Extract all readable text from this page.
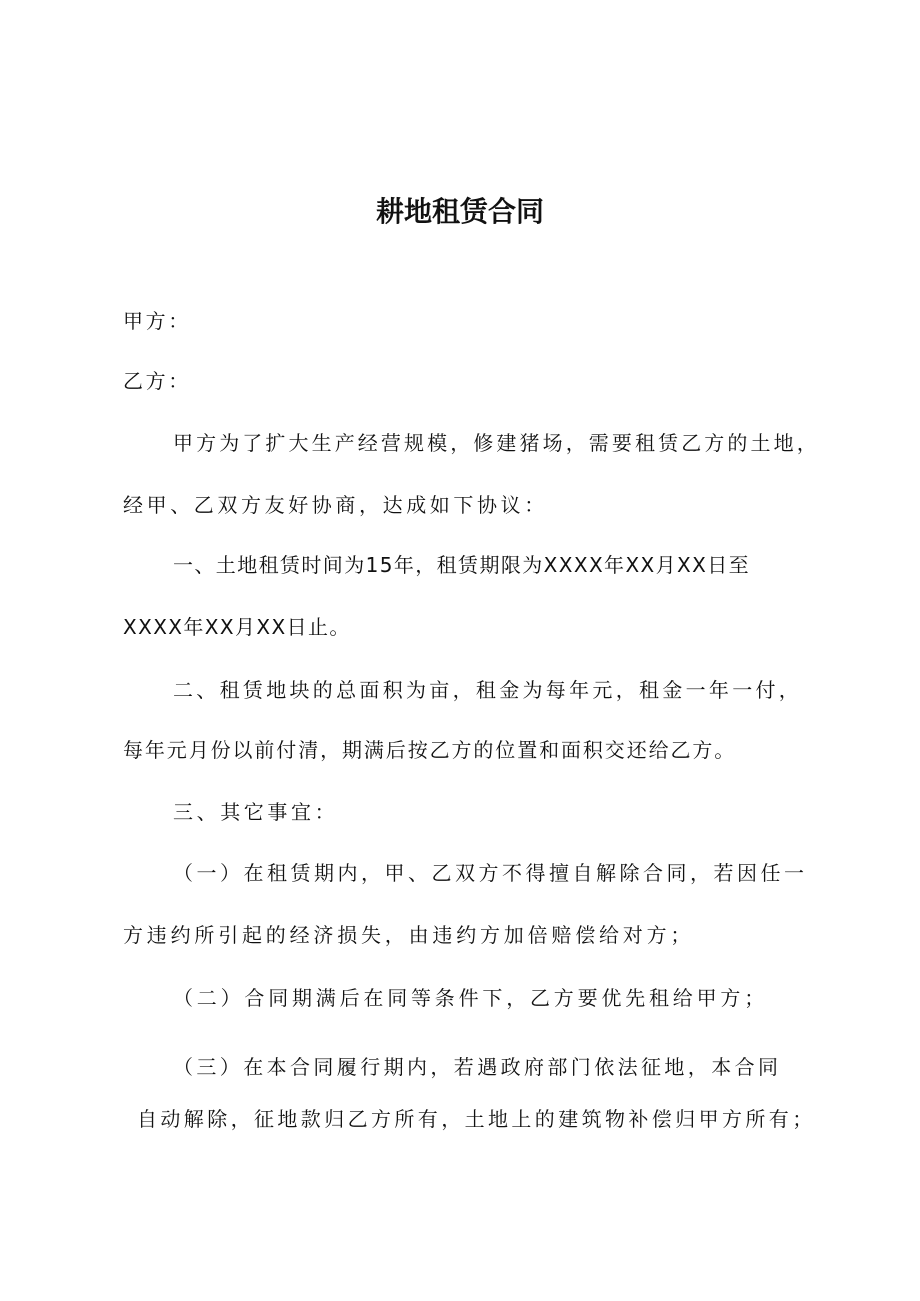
耕地租赁合同
甲方：
乙方：
甲方为了扩大生产经营规模，修建猪场，需要租赁乙方的土地，
经甲、乙双方友好协商，达成如下协议：
一、土地租赁时间为15年，租赁期限为XXXX年XX月XX日至
XXXX年XX月XX日止。
二、租赁地块的总面积为亩，租金为每年元，租金一年一付，
每年元月份以前付清，期满后按乙方的位置和面积交还给乙方。
三、其它事宜：
（一）在租赁期内，甲、乙双方不得擅自解除合同，若因任一
方违约所引起的经济损失，由违约方加倍赔偿给对方；
（二）合同期满后在同等条件下，乙方要优先租给甲方；
（三）在本合同履行期内，若遇政府部门依法征地，本合同
自动解除，征地款归乙方所有，土地上的建筑物补偿归甲方所有；
